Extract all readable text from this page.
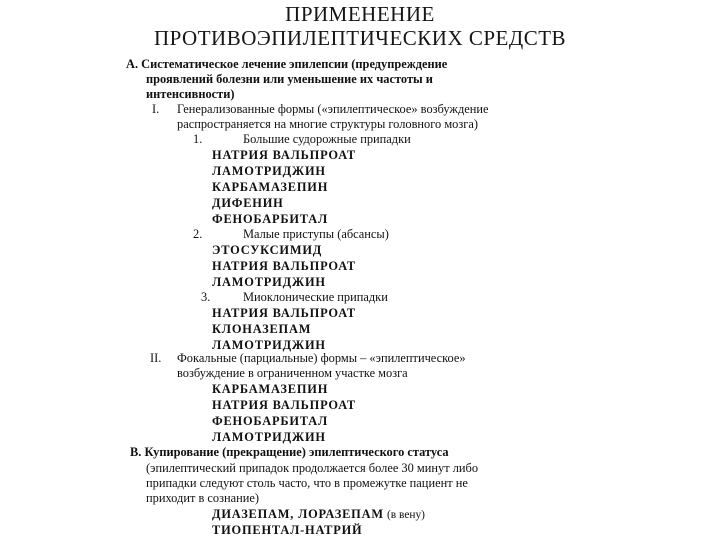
ПРИМЕНЕНИЕ
ПРОТИВОЭПИЛЕПТИЧЕСКИХ СРЕДСТВ
А. Систематическое лечение эпилепсии (предупреждение
проявлений болезни или уменьшение их частоты и
интенсивности)
I. Генерализованные формы («эпилептическое» возбуждение
распространяется на многие структуры головного мозга)
1.	Большие судорожные припадки
НАТРИЯ ВАЛЬПРОАТ
ЛАМОТРИДЖИН
КАРБАМАЗЕПИН
ДИФЕНИН
ФЕНОБАРБИТАЛ
2.	Малые приступы (абсансы)
ЭТОСУКСИМИД
НАТРИЯ ВАЛЬПРОАТ
ЛАМОТРИДЖИН
3.	Миоклонические припадки
НАТРИЯ ВАЛЬПРОАТ
КЛОНАЗЕПАМ
ЛАМОТРИДЖИН
II. Фокальные (парциальные) формы – «эпилептическое»
возбуждение в ограниченном участке мозга
КАРБАМАЗЕПИН
НАТРИЯ ВАЛЬПРОАТ
ФЕНОБАРБИТАЛ
ЛАМОТРИДЖИН
В. Купирование (прекращение) эпилептического статуса
(эпилептический припадок продолжается более 30 минут либо
припадки следуют столь часто, что в промежутке пациент не
приходит в сознание)
ДИАЗЕПАМ, ЛОРАЗЕПАМ (в вену)
ТИОПЕНТАЛ-НАТРИЙ
